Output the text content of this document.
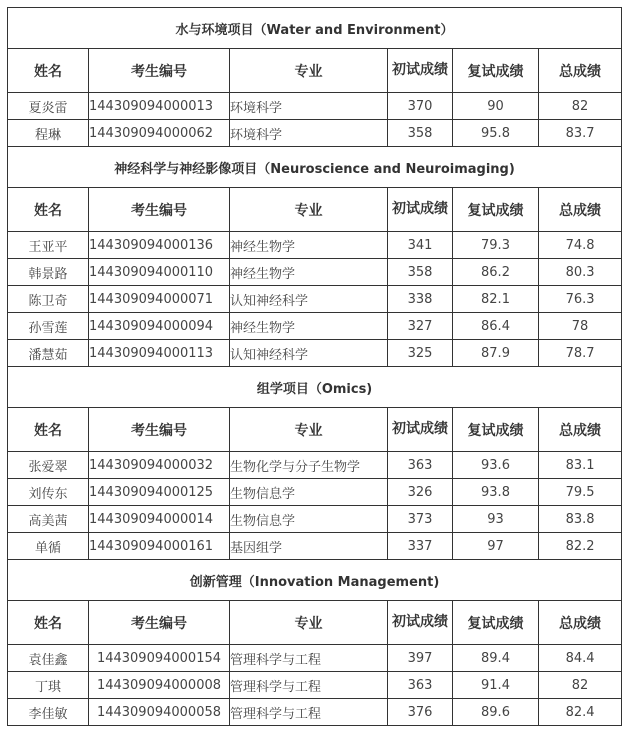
水与环境项目（Water and Environment）					
姓名	考生编号	专业	初试成绩	复试成绩	总成绩
夏炎雷	144309094000013	环境科学	370	90	82
程琳	144309094000062	环境科学	358	95.8	83.7
神经科学与神经影像项目（Neuroscience and Neuroimaging)					
姓名	考生编号	专业	初试成绩	复试成绩	总成绩
王亚平	144309094000136	神经生物学	341	79.3	74.8
韩景路	144309094000110	神经生物学	358	86.2	80.3
陈卫奇	144309094000071	认知神经科学	338	82.1	76.3
孙雪莲	144309094000094	神经生物学	327	86.4	78
潘慧茹	144309094000113	认知神经科学	325	87.9	78.7
组学项目（Omics)					
姓名	考生编号	专业	初试成绩	复试成绩	总成绩
张爱翠	144309094000032	生物化学与分子生物学	363	93.6	83.1
刘传东	144309094000125	生物信息学	326	93.8	79.5
高美茜	144309094000014	生物信息学	373	93	83.8
单循	144309094000161	基因组学	337	97	82.2
创新管理（Innovation Management)					
姓名	考生编号	专业	初试成绩	复试成绩	总成绩
袁佳鑫	144309094000154	管理科学与工程	397	89.4	84.4
丁琪	144309094000008	管理科学与工程	363	91.4	82
李佳敏	144309094000058	管理科学与工程	376	89.6	82.4
